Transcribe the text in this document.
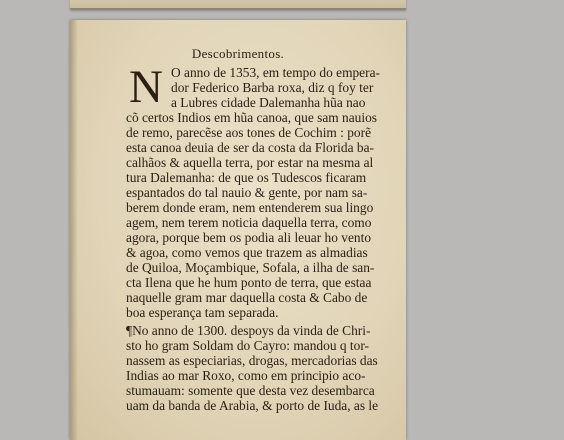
Descobrimentos.
N O anno de 1353, em tempo do empera-
dor Federico Barba roxa, diz q foy ter
a Lubres cidade Dalemanha hũa nao
cõ certos Indios em hũa canoa, que sam nauios
de remo, parecẽse aos tones de Cochim : porẽ
esta canoa deuia de ser da costa da Florida ba-
calhãos & aquella terra, por estar na mesma al
tura Dalemanha: de que os Tudescos ficaram
espantados do tal nauio & gente, por nam sa-
berem donde eram, nem entenderem sua lingo
agem, nem terem noticia daquella terra, como
agora, porque bem os podia ali leuar ho vento
& agoa, como vemos que trazem as almadias
de Quiloa, Moçambique, Sofala, a ilha de san-
cta Ilena que he hum ponto de terra, que estaa
naquelle gram mar daquella costa & Cabo de
boa esperança tam separada.
¶No anno de 1300. despoys da vinda de Chri-
sto ho gram Soldam do Cayro: mandou q tor-
nassem as especiarias, drogas, mercadorias das
Indias ao mar Roxo, como em principio aco-
stumauam: somente que desta vez desembarca
uam da banda de Arabia, & porto de Iuda, as le
